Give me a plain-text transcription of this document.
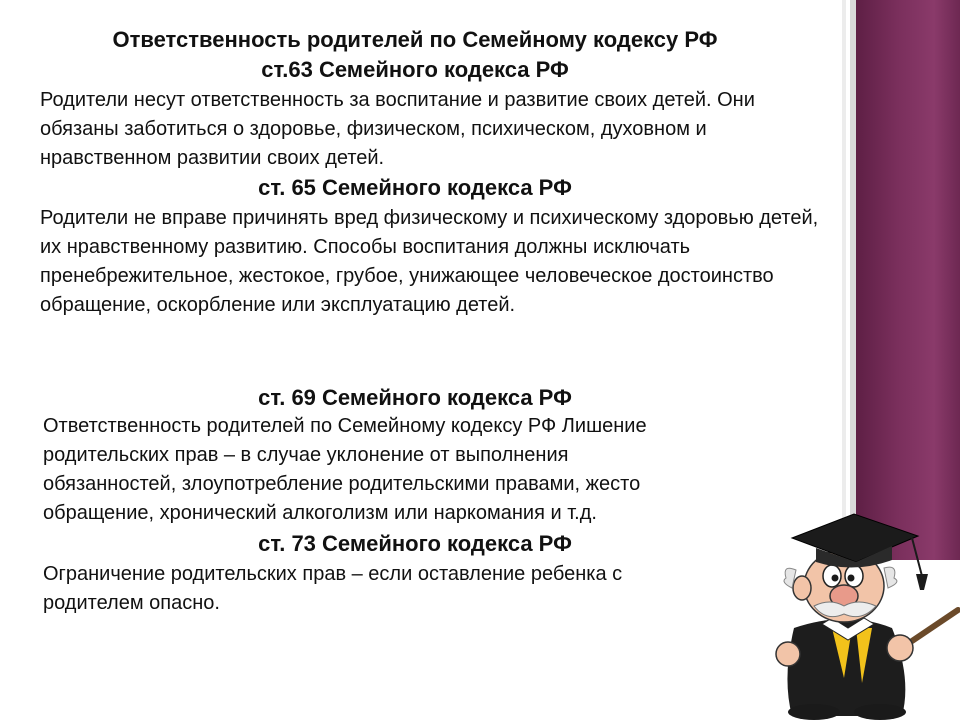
Ответственность родителей по Семейному кодексу РФ
ст.63 Семейного кодекса РФ
Родители несут ответственность за воспитание и развитие своих детей. Они обязаны заботиться о здоровье, физическом, психическом, духовном и нравственном развитии своих детей.
ст. 65 Семейного кодекса РФ
Родители не вправе причинять вред физическому и психическому здоровью детей, их нравственному развитию. Способы воспитания должны исключать пренебрежительное, жестокое, грубое, унижающее человеческое достоинство обращение, оскорбление или эксплуатацию детей.
ст. 69 Семейного кодекса РФ
Ответственность родителей по Семейному кодексу РФ Лишение
родительских прав – в случае уклонение от выполнения
обязанностей, злоупотребление родительскими правами, жесто
обращение, хронический алкоголизм или наркомания и т.д.
ст. 73 Семейного кодекса РФ
Ограничение родительских прав – если оставление ребенка с
родителем опасно.
